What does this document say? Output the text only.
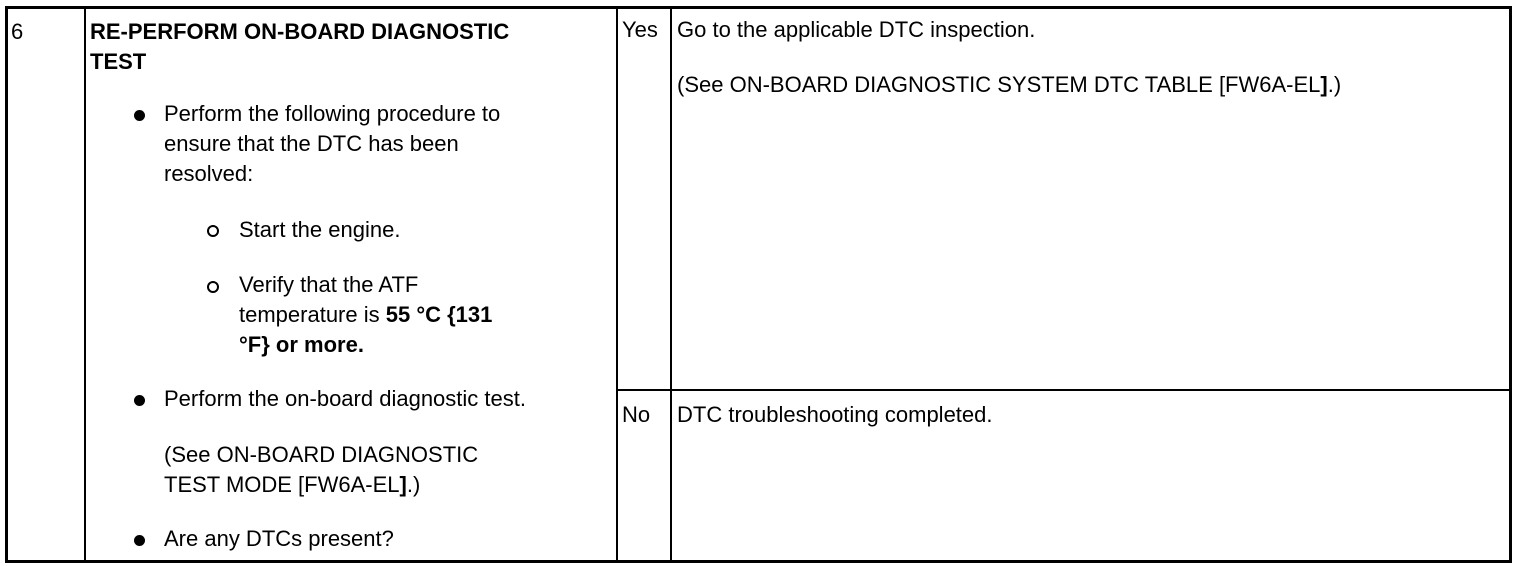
6	RE-PERFORM ON-BOARD DIAGNOSTIC
TEST
Perform the following procedure to
ensure that the DTC has been
resolved:
Start the engine.
Verify that the ATF
temperature is 55 °C {131
°F} or more.
Perform the on-board diagnostic test.
(See ON-BOARD DIAGNOSTIC
TEST MODE [FW6A-EL].)
Are any DTCs present?
Yes Go to the applicable DTC inspection.
(See ON-BOARD DIAGNOSTIC SYSTEM DTC TABLE [FW6A-EL].)
No DTC troubleshooting completed.
